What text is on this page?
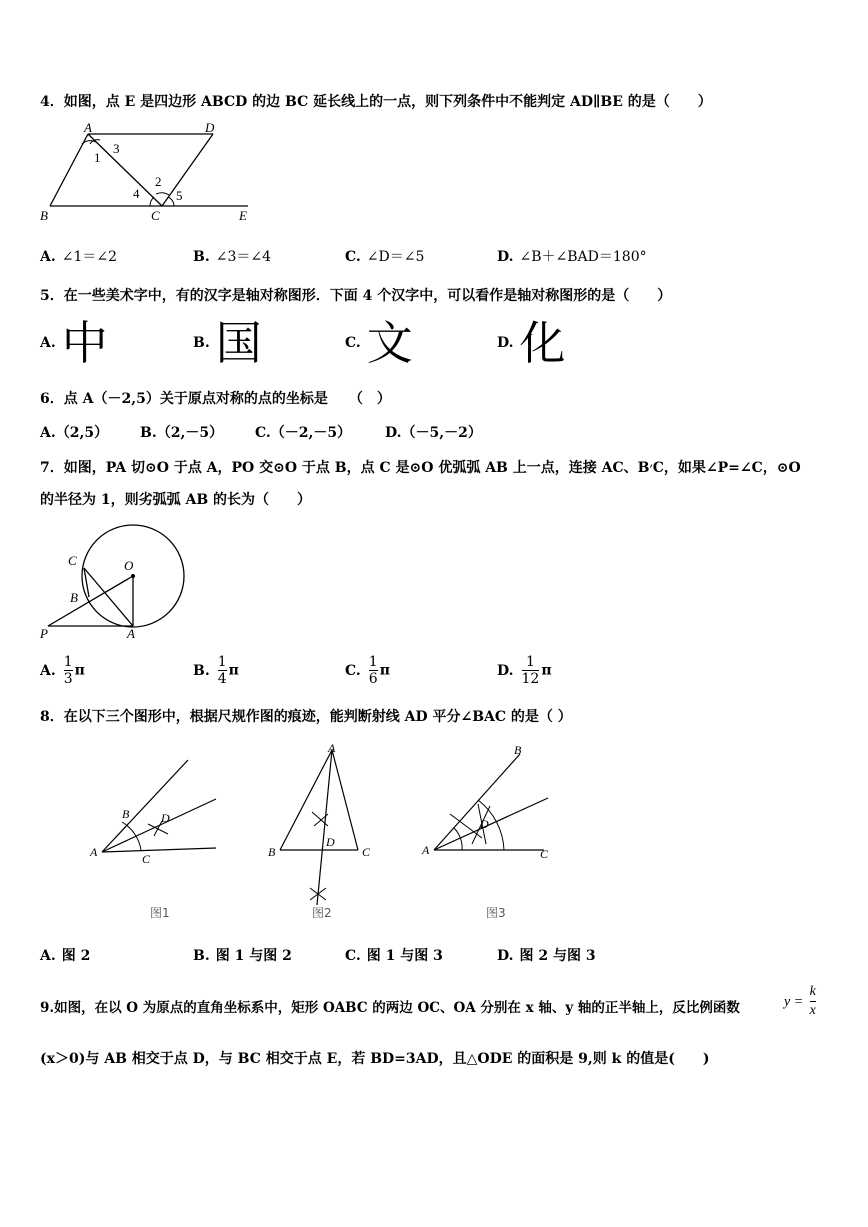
4．如图，点 E 是四边形 ABCD 的边 BC 延长线上的一点，则下列条件中不能判定 AD∥BE 的是（　　）
A	D
B	C	E
1
2
3
4	5
A. ∠1＝∠2	B. ∠3＝∠4	C. ∠D＝∠5	D. ∠B＋∠BAD＝180°
5．在一些美术字中，有的汉字是轴对称图形．下面 4 个汉字中，可以看作是轴对称图形的是（　　）
A. 中	B. 国	C. 文	D. 化
6．点 A（－2,5）关于原点对称的点的坐标是　　（　）
A.（2,5） B.（2,－5） C.（－2,－5） D.（－5,－2）
7．如图，PA 切⊙O 于点 A，PO 交⊙O 于点 B，点 C 是⊙O 优弧弧 AB 上一点，连接 AC、B׳C，如果∠P=∠C，⊙O
的半径为 1，则劣弧弧 AB 的长为（　　）
C	O
B
P	A
A. $\frac{1}{3}$ π	B. $\frac{1}{4}$ π	C. $\frac{1}{6}$ π	D. $\frac{1}{12}$ π
8．在以下三个图形中，根据尺规作图的痕迹，能判断射线 AD 平分∠BAC 的是（ ）
B	D
A	C
图1
A
B	C
D
图2
B
D
A	C
图3
A. 图 2	B. 图 1 与图 2	C. 图 1 与图 3	D. 图 2 与图 3
9.如图，在以 O 为原点的直角坐标系中，矩形 OABC 的两边 OC、OA 分别在 x 轴、y 轴的正半轴上，反比例函数	$y = \frac{k}{x}$
(x＞0)与 AB 相交于点 D，与 BC 相交于点 E，若 BD=3AD，且△ODE 的面积是 9,则 k 的值是(　　)
